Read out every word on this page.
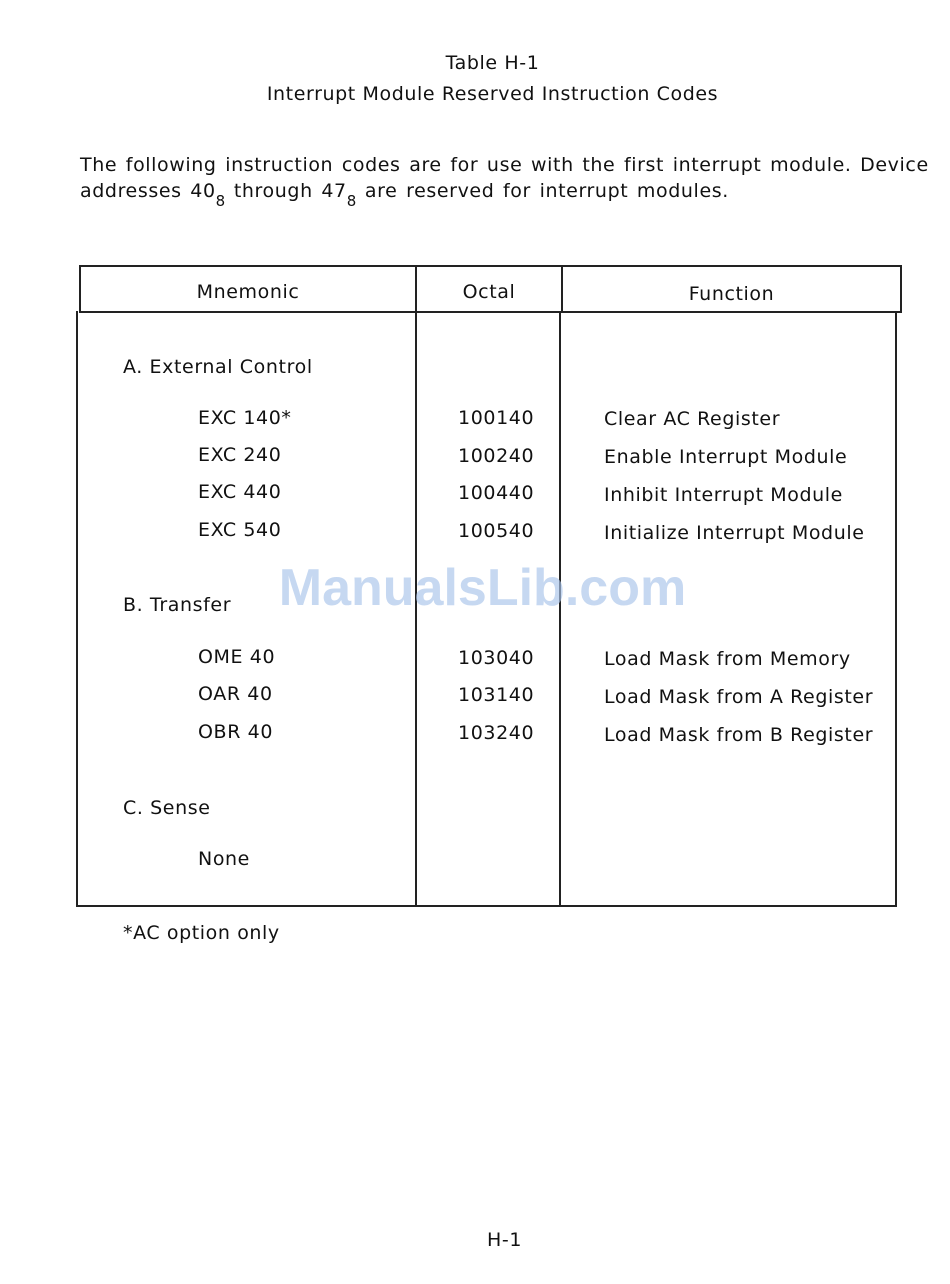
Table H-1

Interrupt Module Reserved Instruction Codes

The following instruction codes are for use with the first interrupt module. Device

addresses $40_8$ through $47_8$ are reserved for interrupt modules.

Mnemonic	Octal	Function

A. External Control

EXC 140*	100140	Clear AC Register

EXC 240	100240	Enable Interrupt Module

EXC 440	100440	Inhibit Interrupt Module

EXC 540	100540	Initialize Interrupt Module

B. Transfer

OME 40	103040	Load Mask from Memory

OAR 40	103140	Load Mask from A Register

OBR 40	103240	Load Mask from B Register

C. Sense

None

ManualsLib.com

*AC option only

H-1
